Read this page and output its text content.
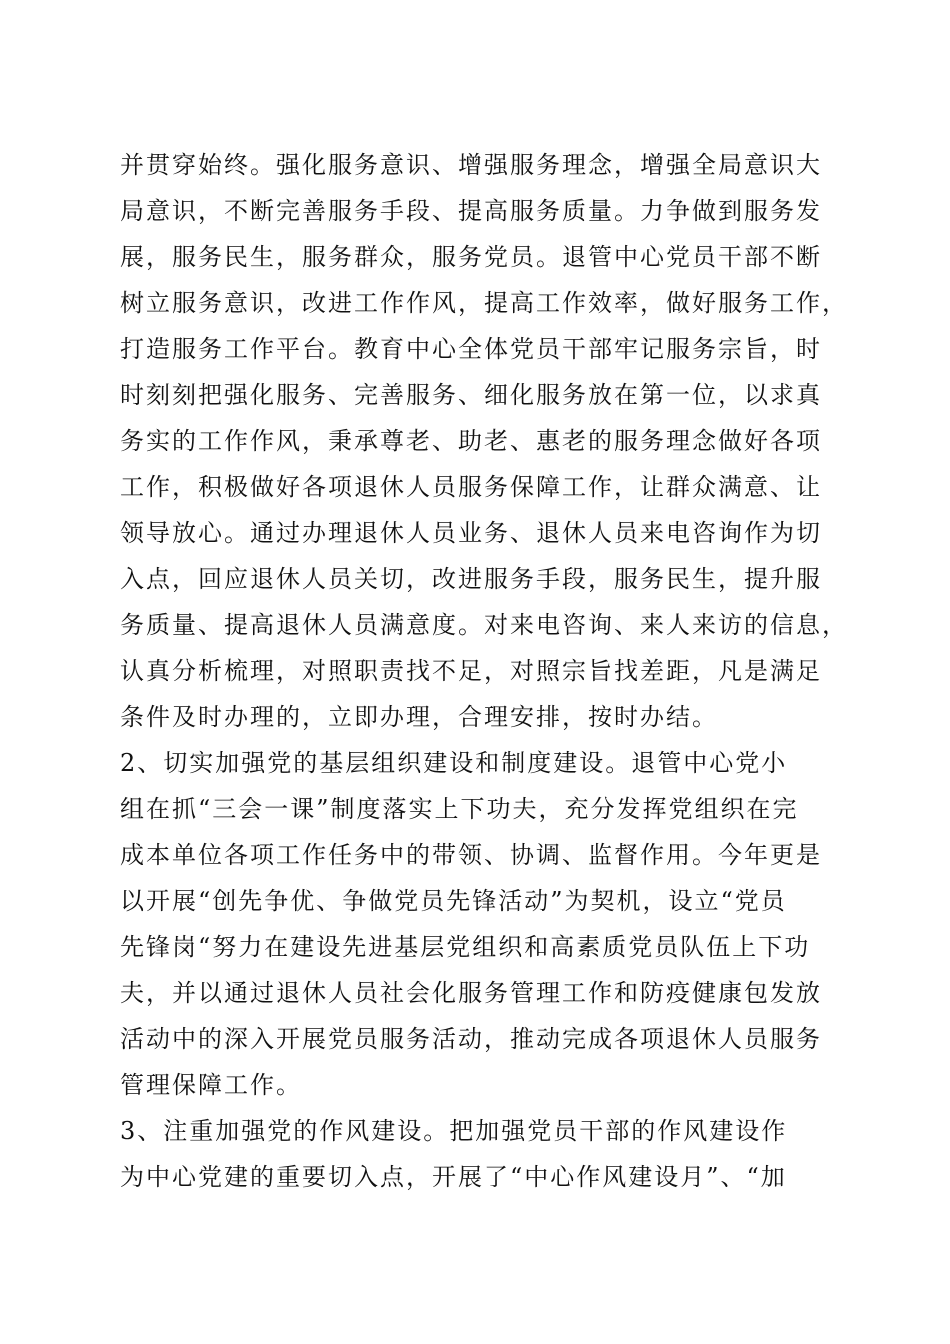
并贯穿始终。强化服务意识、增强服务理念，增强全局意识大
局意识，不断完善服务手段、提高服务质量。力争做到服务发
展，服务民生，服务群众，服务党员。退管中心党员干部不断
树立服务意识，改进工作作风，提高工作效率，做好服务工作，
打造服务工作平台。教育中心全体党员干部牢记服务宗旨，时
时刻刻把强化服务、完善服务、细化服务放在第一位，以求真
务实的工作作风，秉承尊老、助老、惠老的服务理念做好各项
工作，积极做好各项退休人员服务保障工作，让群众满意、让
领导放心。通过办理退休人员业务、退休人员来电咨询作为切
入点，回应退休人员关切，改进服务手段，服务民生，提升服
务质量、提高退休人员满意度。对来电咨询、来人来访的信息，
认真分析梳理，对照职责找不足，对照宗旨找差距，凡是满足
条件及时办理的，立即办理，合理安排，按时办结。
2、切实加强党的基层组织建设和制度建设。退管中心党小
组在抓“三会一课”制度落实上下功夫，充分发挥党组织在完
成本单位各项工作任务中的带领、协调、监督作用。今年更是
以开展“创先争优、争做党员先锋活动”为契机，设立“党员
先锋岗“努力在建设先进基层党组织和高素质党员队伍上下功
夫，并以通过退休人员社会化服务管理工作和防疫健康包发放
活动中的深入开展党员服务活动，推动完成各项退休人员服务
管理保障工作。
3、注重加强党的作风建设。把加强党员干部的作风建设作
为中心党建的重要切入点，开展了“中心作风建设月”、“加
